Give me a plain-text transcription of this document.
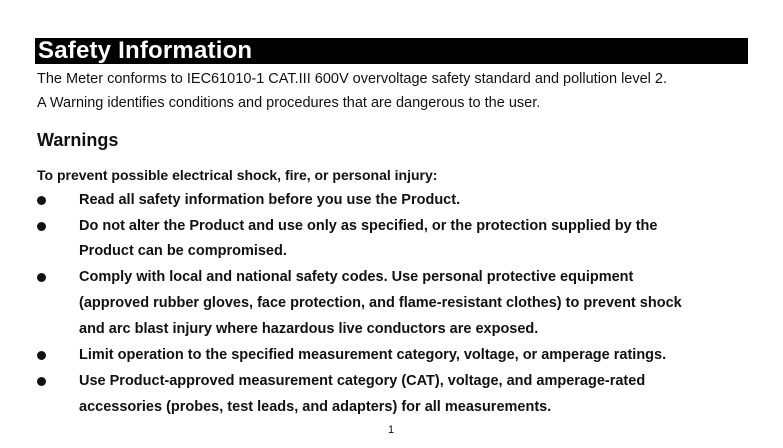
Safety Information
The Meter conforms to IEC61010-1 CAT.III 600V overvoltage safety standard and pollution level 2.
A Warning identifies conditions and procedures that are dangerous to the user.
Warnings
To prevent possible electrical shock, fire, or personal injury:
Read all safety information before you use the Product.
Do not alter the Product and use only as specified, or the protection supplied by the
Product can be compromised.
Comply with local and national safety codes. Use personal protective equipment
(approved rubber gloves, face protection, and flame-resistant clothes) to prevent shock
and arc blast injury where hazardous live conductors are exposed.
Limit operation to the specified measurement category, voltage, or amperage ratings.
Use Product-approved measurement category (CAT), voltage, and amperage-rated
accessories (probes, test leads, and adapters) for all measurements.
1
